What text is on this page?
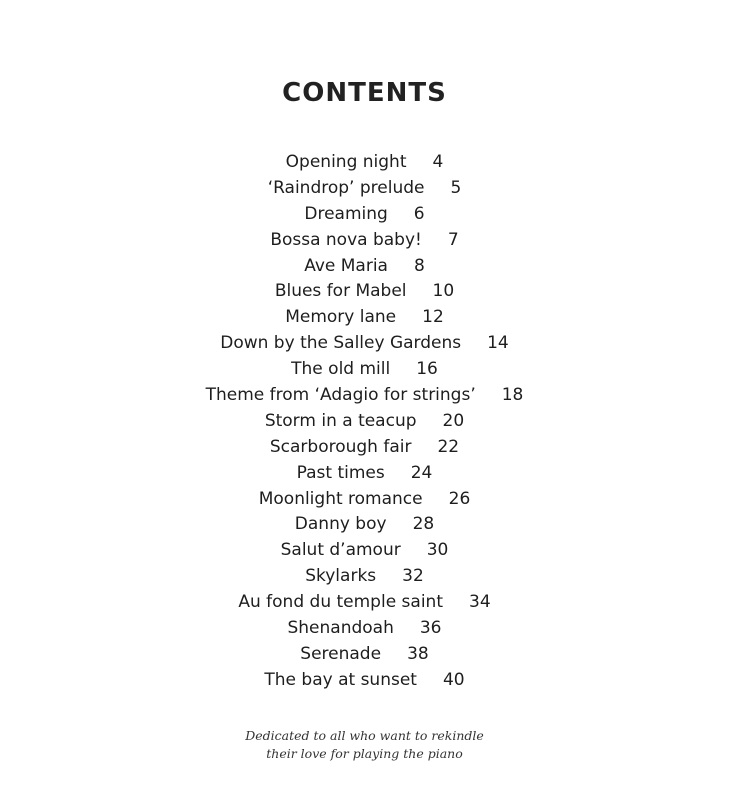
CONTENTS
Opening night 4
‘Raindrop’ prelude 5
Dreaming 6
Bossa nova baby! 7
Ave Maria 8
Blues for Mabel 10
Memory lane 12
Down by the Salley Gardens 14
The old mill 16
Theme from ‘Adagio for strings’ 18
Storm in a teacup 20
Scarborough fair 22
Past times 24
Moonlight romance 26
Danny boy 28
Salut d’amour 30
Skylarks 32
Au fond du temple saint 34
Shenandoah 36
Serenade 38
The bay at sunset 40
Dedicated to all who want to rekindle
their love for playing the piano
